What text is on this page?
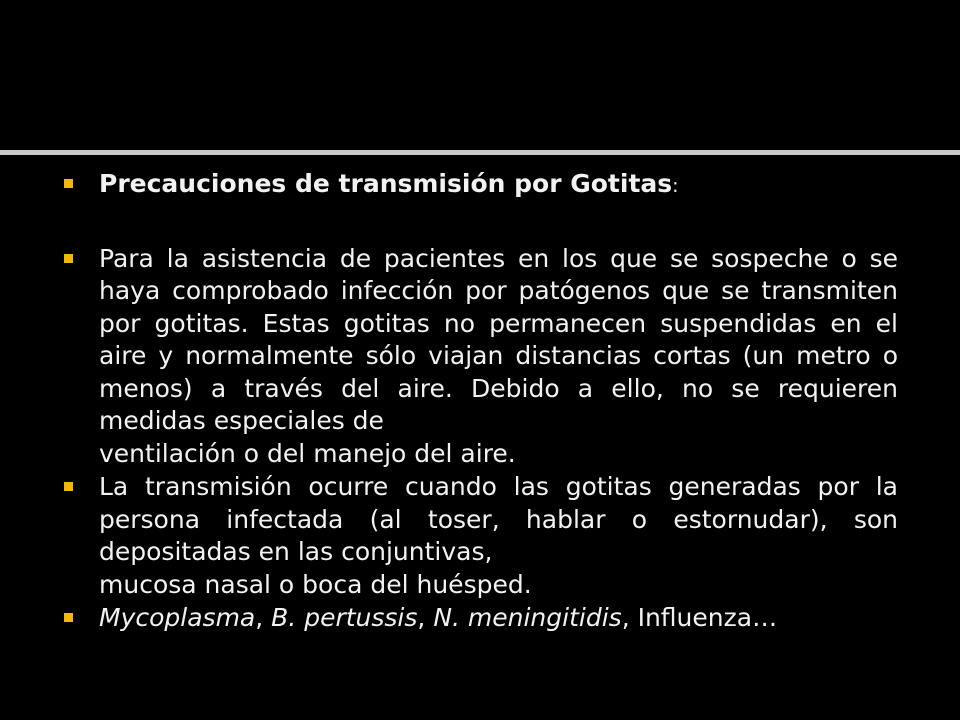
Precauciones de transmisión por Gotitas:
Para la asistencia de pacientes en los que se sospeche o se haya comprobado infección por patógenos que se transmiten por gotitas. Estas gotitas no permanecen suspendidas en el aire y normalmente sólo viajan distancias cortas (un metro o menos) a través del aire. Debido a ello, no se requieren medidas especiales de
ventilación o del manejo del aire.
La transmisión ocurre cuando las gotitas generadas por la persona infectada (al toser, hablar o estornudar), son depositadas en las conjuntivas,
mucosa nasal o boca del huésped.
Mycoplasma, B. pertussis, N. meningitidis, Influenza…
